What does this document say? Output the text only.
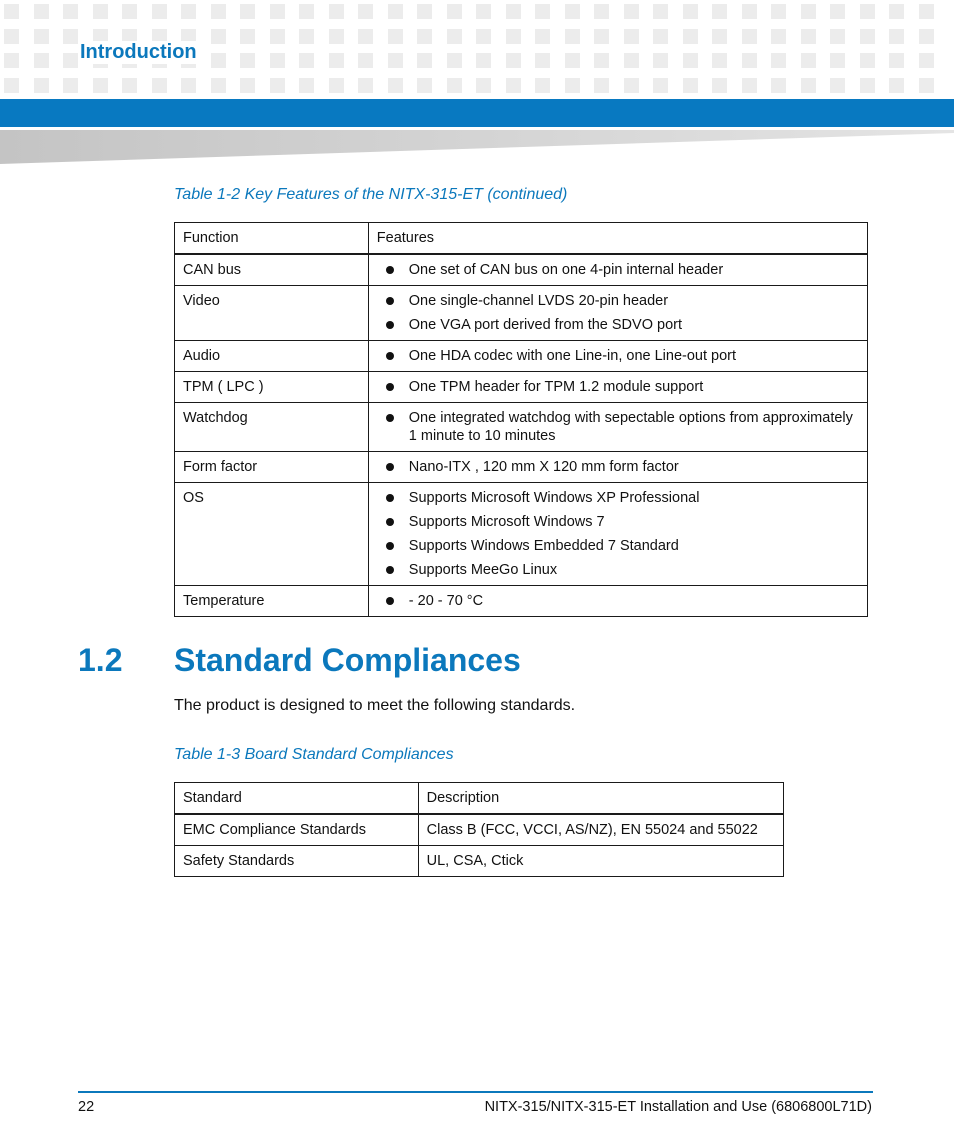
Introduction
Table 1-2 Key Features of the NITX-315-ET (continued)
Function	Features
CAN bus	One set of CAN bus on one 4-pin internal header

Video	One single-channel LVDS 20-pin header
One VGA port derived from the SDVO port

Audio	One HDA codec with one Line-in, one Line-out port

TPM ( LPC )	One TPM header for TPM 1.2 module support

Watchdog	One integrated watchdog with sepectable options from approximately 1 minute to 10 minutes

Form factor	Nano-ITX , 120 mm X 120 mm form factor

OS	Supports Microsoft Windows XP Professional
Supports Microsoft Windows 7
Supports Windows Embedded 7 Standard
Supports MeeGo Linux

Temperature	- 20 - 70 °C
1.2 Standard Compliances
The product is designed to meet the following standards.
Table 1-3 Board Standard Compliances
Standard	Description
EMC Compliance Standards	Class B (FCC, VCCI, AS/NZ), EN 55024 and 55022
Safety Standards	UL, CSA, Ctick
22	NITX-315/NITX-315-ET Installation and Use (6806800L71D)
